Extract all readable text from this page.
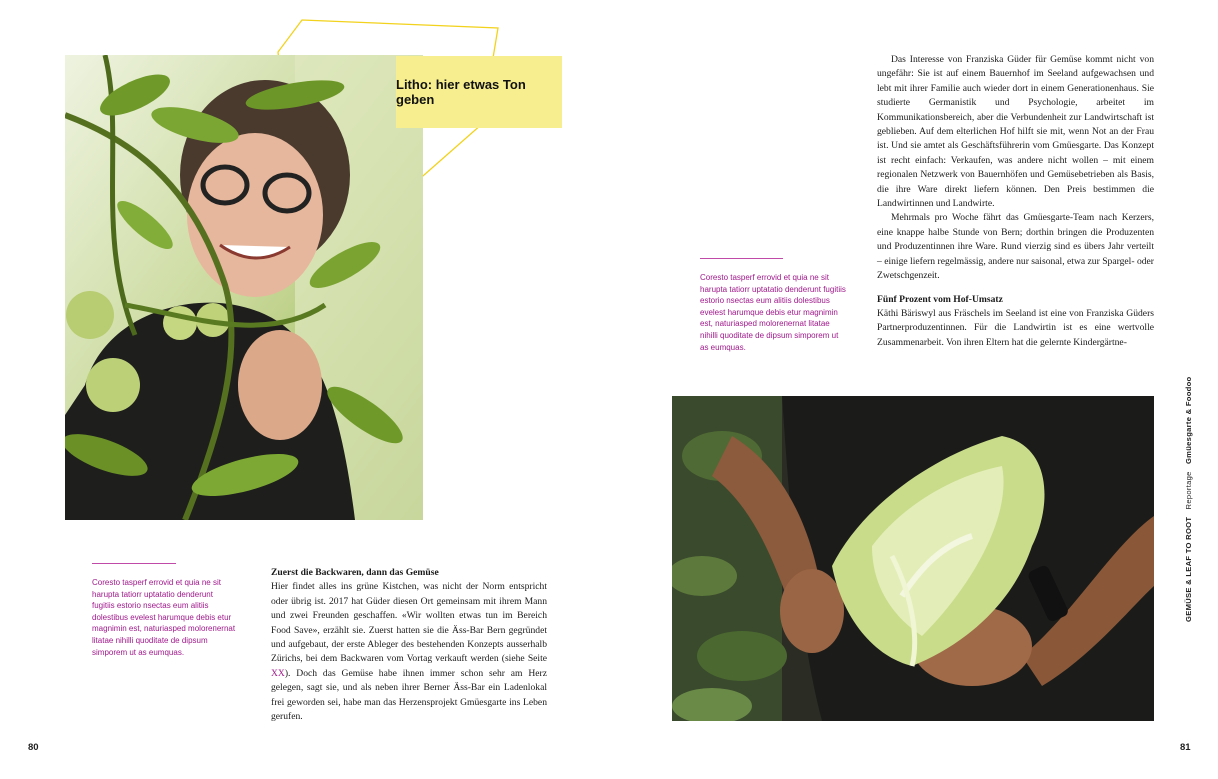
Litho: hier etwas Ton geben
Coresto tasperf errovid et quia ne sit harupta tatiorr uptatatio denderunt fugitiis estorio nsectas eum alitiis dolestibus evelest harumque debis etur magnimin est, naturiasped moloreпernat litatae nihilli quoditate de dipsum simporem ut as eumquas.

Zuerst die Backwaren, dann das Gemüse

Hier findet alles ins grüne Kistchen, was nicht der Norm entspricht oder übrig ist. 2017 hat Güder diesen Ort gemeinsam mit ihrem Mann und zwei Freunden geschaffen. «Wir wollten etwas tun im Bereich Food Save», erzählt sie. Zuerst hatten sie die Äss-Bar Bern gegründet und aufgebaut, der erste Ableger des bestehenden Konzepts ausserhalb Zürichs, bei dem Backwaren vom Vortag verkauft werden (siehe Seite XX). Doch das Gemüse habe ihnen immer schon sehr am Herz gelegen, sagt sie, und als neben ihrer Berner Äss-Bar ein Ladenlokal frei geworden sei, habe man das Herzensprojekt Gmüesgarte ins Leben gerufen.

80

Das Interesse von Franziska Güder für Gemüse kommt nicht von ungefähr: Sie ist auf einem Bauernhof im Seeland aufgewachsen und lebt mit ihrer Familie auch wieder dort in einem Generationenhaus. Sie studierte Germanistik und Psychologie, arbeitet im Kommunikationsbereich, aber die Verbundenheit zur Landwirtschaft ist geblieben. Auf dem elterlichen Hof hilft sie mit, wenn Not an der Frau ist. Und sie amtet als Geschäftsführerin vom Gmüesgarte. Das Konzept ist recht einfach: Verkaufen, was andere nicht wollen – mit einem regionalen Netzwerk von Bauernhöfen und Gemüsebetrieben als Basis, die ihre Ware direkt liefern können. Den Preis bestimmen die Landwirtinnen und Landwirte.

Mehrmals pro Woche fährt das Gmüesgarte-Team nach Kerzers, eine knappe halbe Stunde von Bern; dorthin bringen die Produzenten und Produzentinnen ihre Ware. Rund vierzig sind es übers Jahr verteilt – einige liefern regelmässig, andere nur saisonal, etwa zur Spargel- oder Zwetschgenzeit.

Fünf Prozent vom Hof-Umsatz

Käthi Bäriswyl aus Fräschels im Seeland ist eine von Franziska Güders Partnerproduzentinnen. Für die Landwirtin ist es eine wertvolle Zusammenarbeit. Von ihren Eltern hat die gelernte Kindergärtne-

Coresto tasperf errovid et quia ne sit harupta tatiorr uptatatio denderunt fugitiis estorio nsectas eum alitiis dolestibus evelest harumque debis etur magnimin est, naturiasped moloreпernat litatae nihilli quoditate de dipsum simporem ut as eumquas.
GEMÜSE & LEAF TO ROOT   Reportage   Gmüesgarte & Foodoo
81
